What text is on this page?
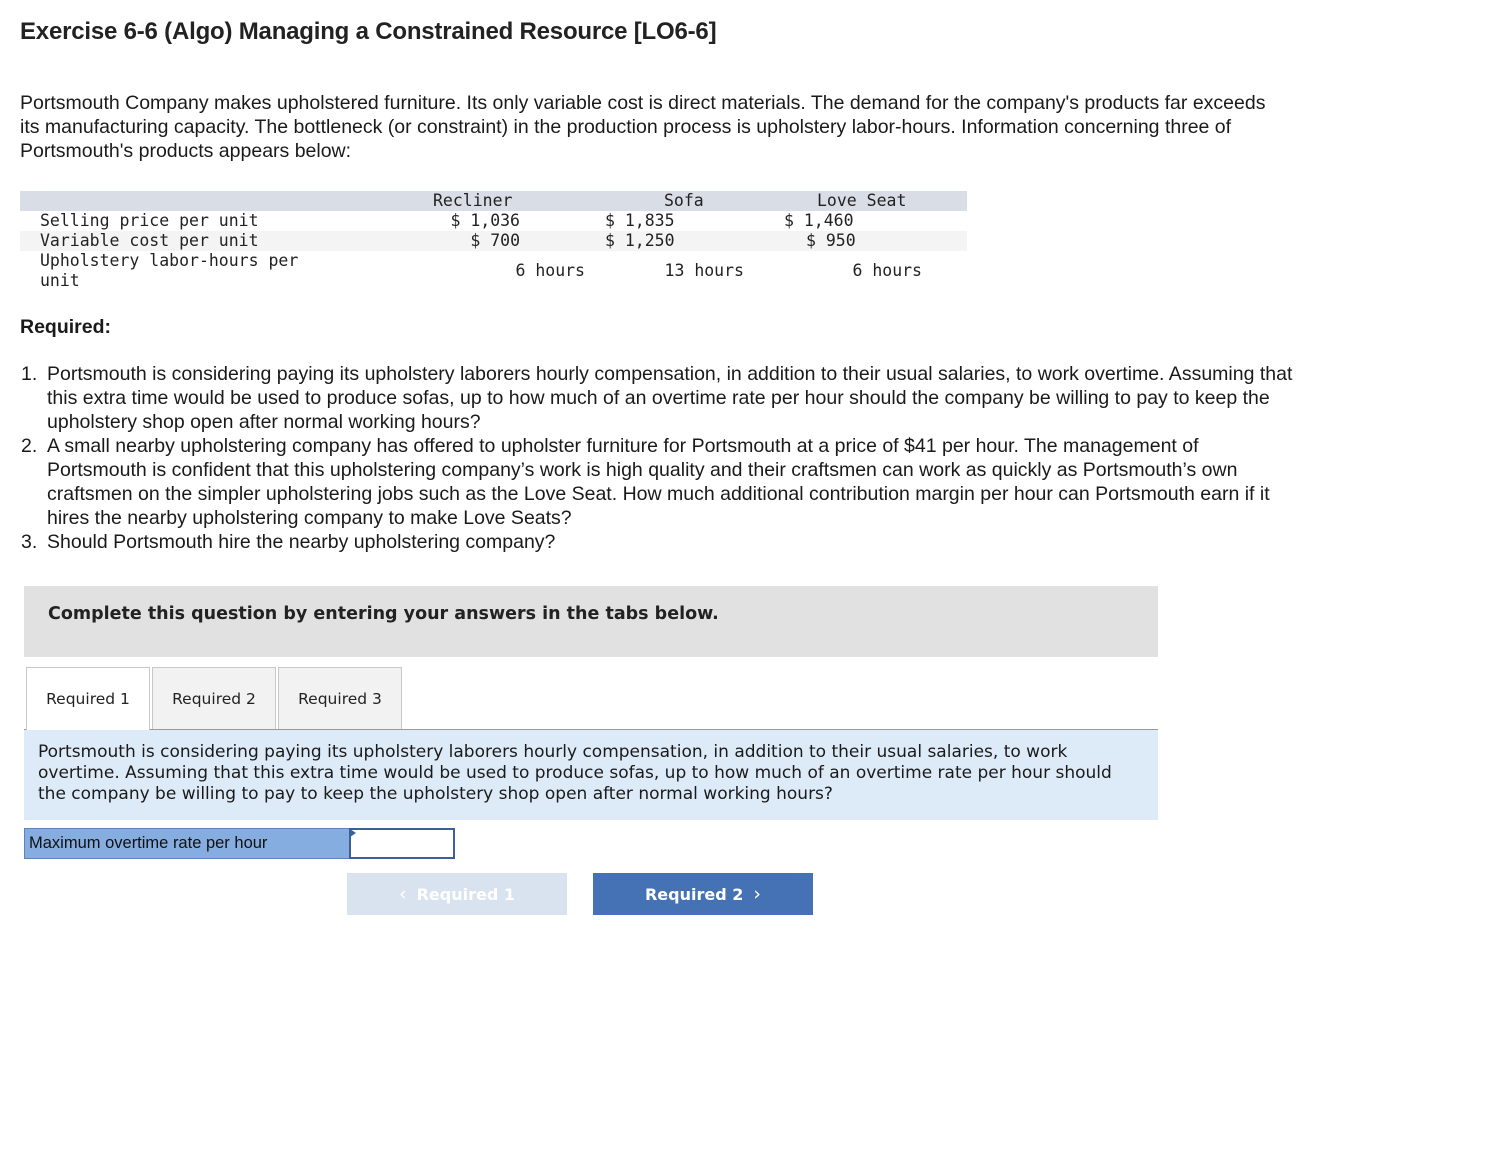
Exercise 6-6 (Algo) Managing a Constrained Resource [LO6-6]

Portsmouth Company makes upholstered furniture. Its only variable cost is direct materials. The demand for the company's products far exceeds its manufacturing capacity. The bottleneck (or constraint) in the production process is upholstery labor-hours. Information concerning three of Portsmouth's products appears below:

Recliner	Sofa	Love Seat
Selling price per unit	$ 1,036	$ 1,835	$ 1,460
Variable cost per unit	$ 700	$ 1,250	$ 950
Upholstery labor-hours per
unit
6 hours	13 hours	6 hours
Required:
1. Portsmouth is considering paying its upholstery laborers hourly compensation, in addition to their usual salaries, to work overtime. Assuming that this extra time would be used to produce sofas, up to how much of an overtime rate per hour should the company be willing to pay to keep the upholstery shop open after normal working hours?
2. A small nearby upholstering company has offered to upholster furniture for Portsmouth at a price of $41 per hour. The management of Portsmouth is confident that this upholstering company’s work is high quality and their craftsmen can work as quickly as Portsmouth’s own craftsmen on the simpler upholstering jobs such as the Love Seat. How much additional contribution margin per hour can Portsmouth earn if it hires the nearby upholstering company to make Love Seats?
3. Should Portsmouth hire the nearby upholstering company?
Complete this question by entering your answers in the tabs below.
Required 1	Required 2	Required 3
Portsmouth is considering paying its upholstery laborers hourly compensation, in addition to their usual salaries, to work overtime. Assuming that this extra time would be used to produce sofas, up to how much of an overtime rate per hour should the company be willing to pay to keep the upholstery shop open after normal working hours?
Maximum overtime rate per hour
‹ Required 1	Required 2 ›
